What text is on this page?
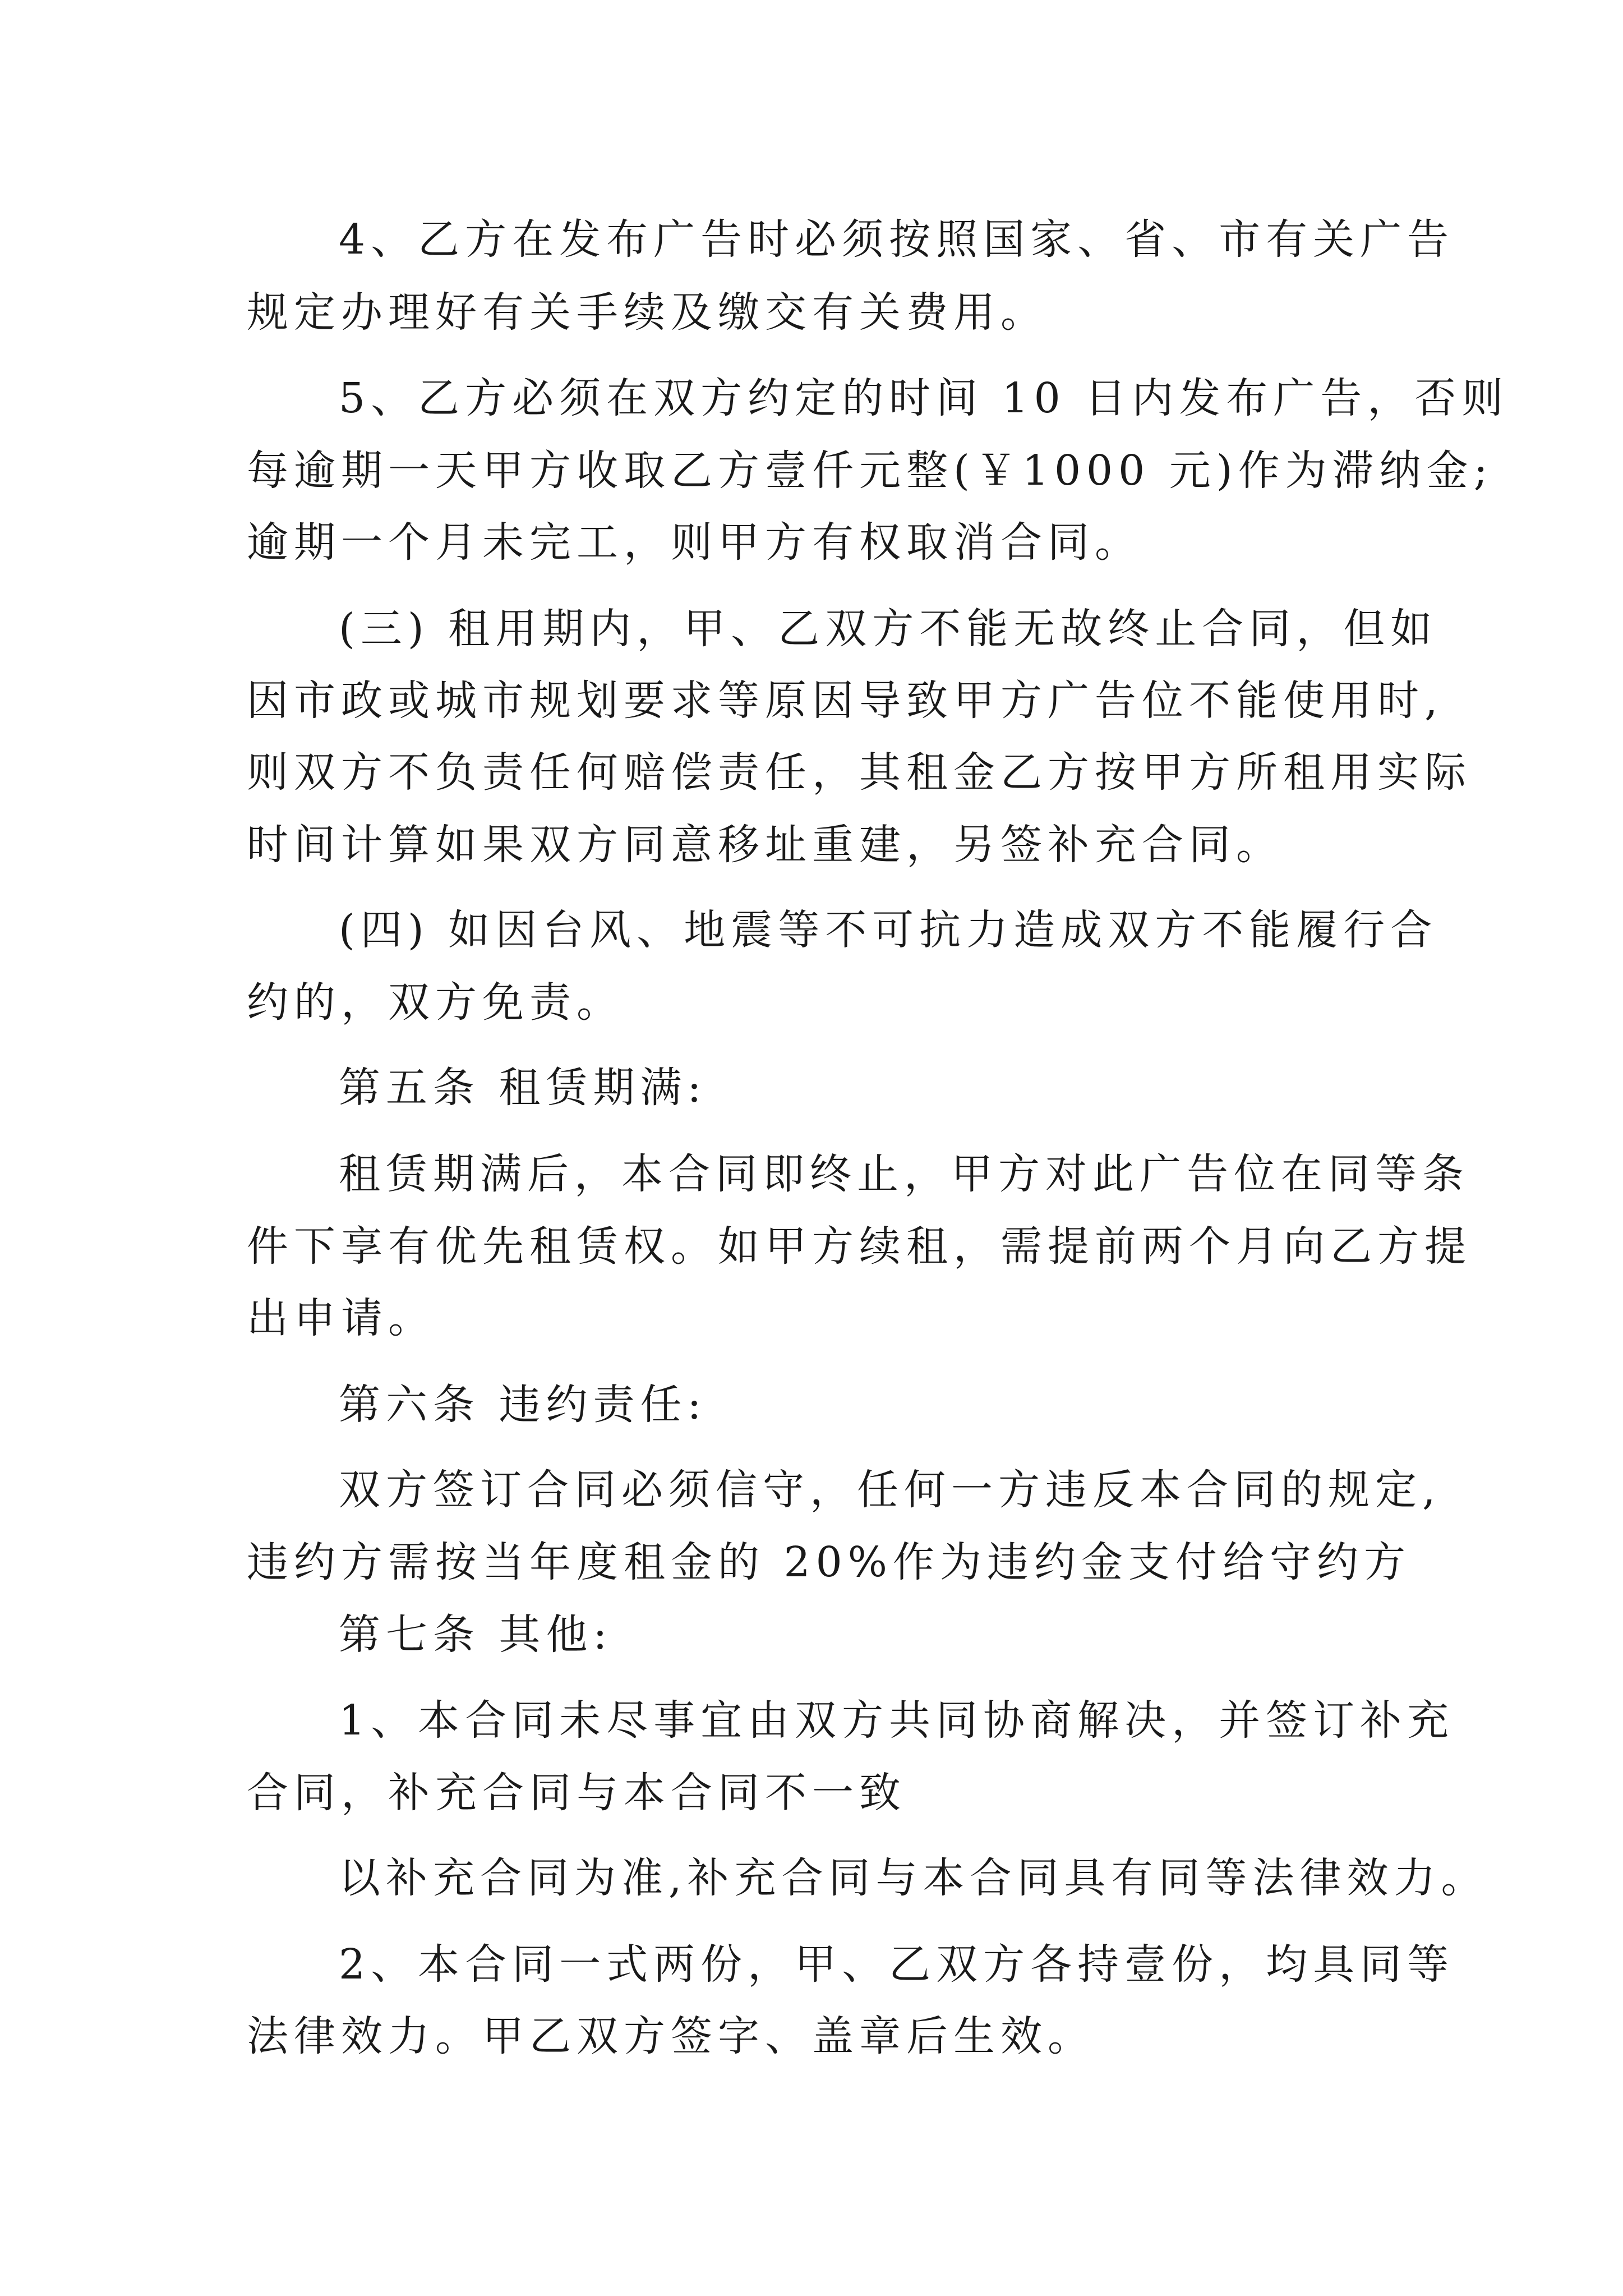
4、乙方在发布广告时必须按照国家、省、市有关广告
规定办理好有关手续及缴交有关费用。
5、乙方必须在双方约定的时间 10 日内发布广告，否则
每逾期一天甲方收取乙方壹仟元整(￥1000 元)作为滞纳金;
逾期一个月未完工，则甲方有权取消合同。
(三) 租用期内，甲、乙双方不能无故终止合同，但如
因市政或城市规划要求等原因导致甲方广告位不能使用时,
则双方不负责任何赔偿责任，其租金乙方按甲方所租用实际
时间计算如果双方同意移址重建，另签补充合同。
(四) 如因台风、地震等不可抗力造成双方不能履行合
约的，双方免责。
第五条 租赁期满:
租赁期满后，本合同即终止，甲方对此广告位在同等条
件下享有优先租赁权。如甲方续租，需提前两个月向乙方提
出申请。
第六条 违约责任:
双方签订合同必须信守，任何一方违反本合同的规定,
违约方需按当年度租金的 20%作为违约金支付给守约方
第七条 其他:
1、本合同未尽事宜由双方共同协商解决，并签订补充
合同，补充合同与本合同不一致
以补充合同为准,补充合同与本合同具有同等法律效力。
2、本合同一式两份，甲、乙双方各持壹份，均具同等
法律效力。甲乙双方签字、盖章后生效。
